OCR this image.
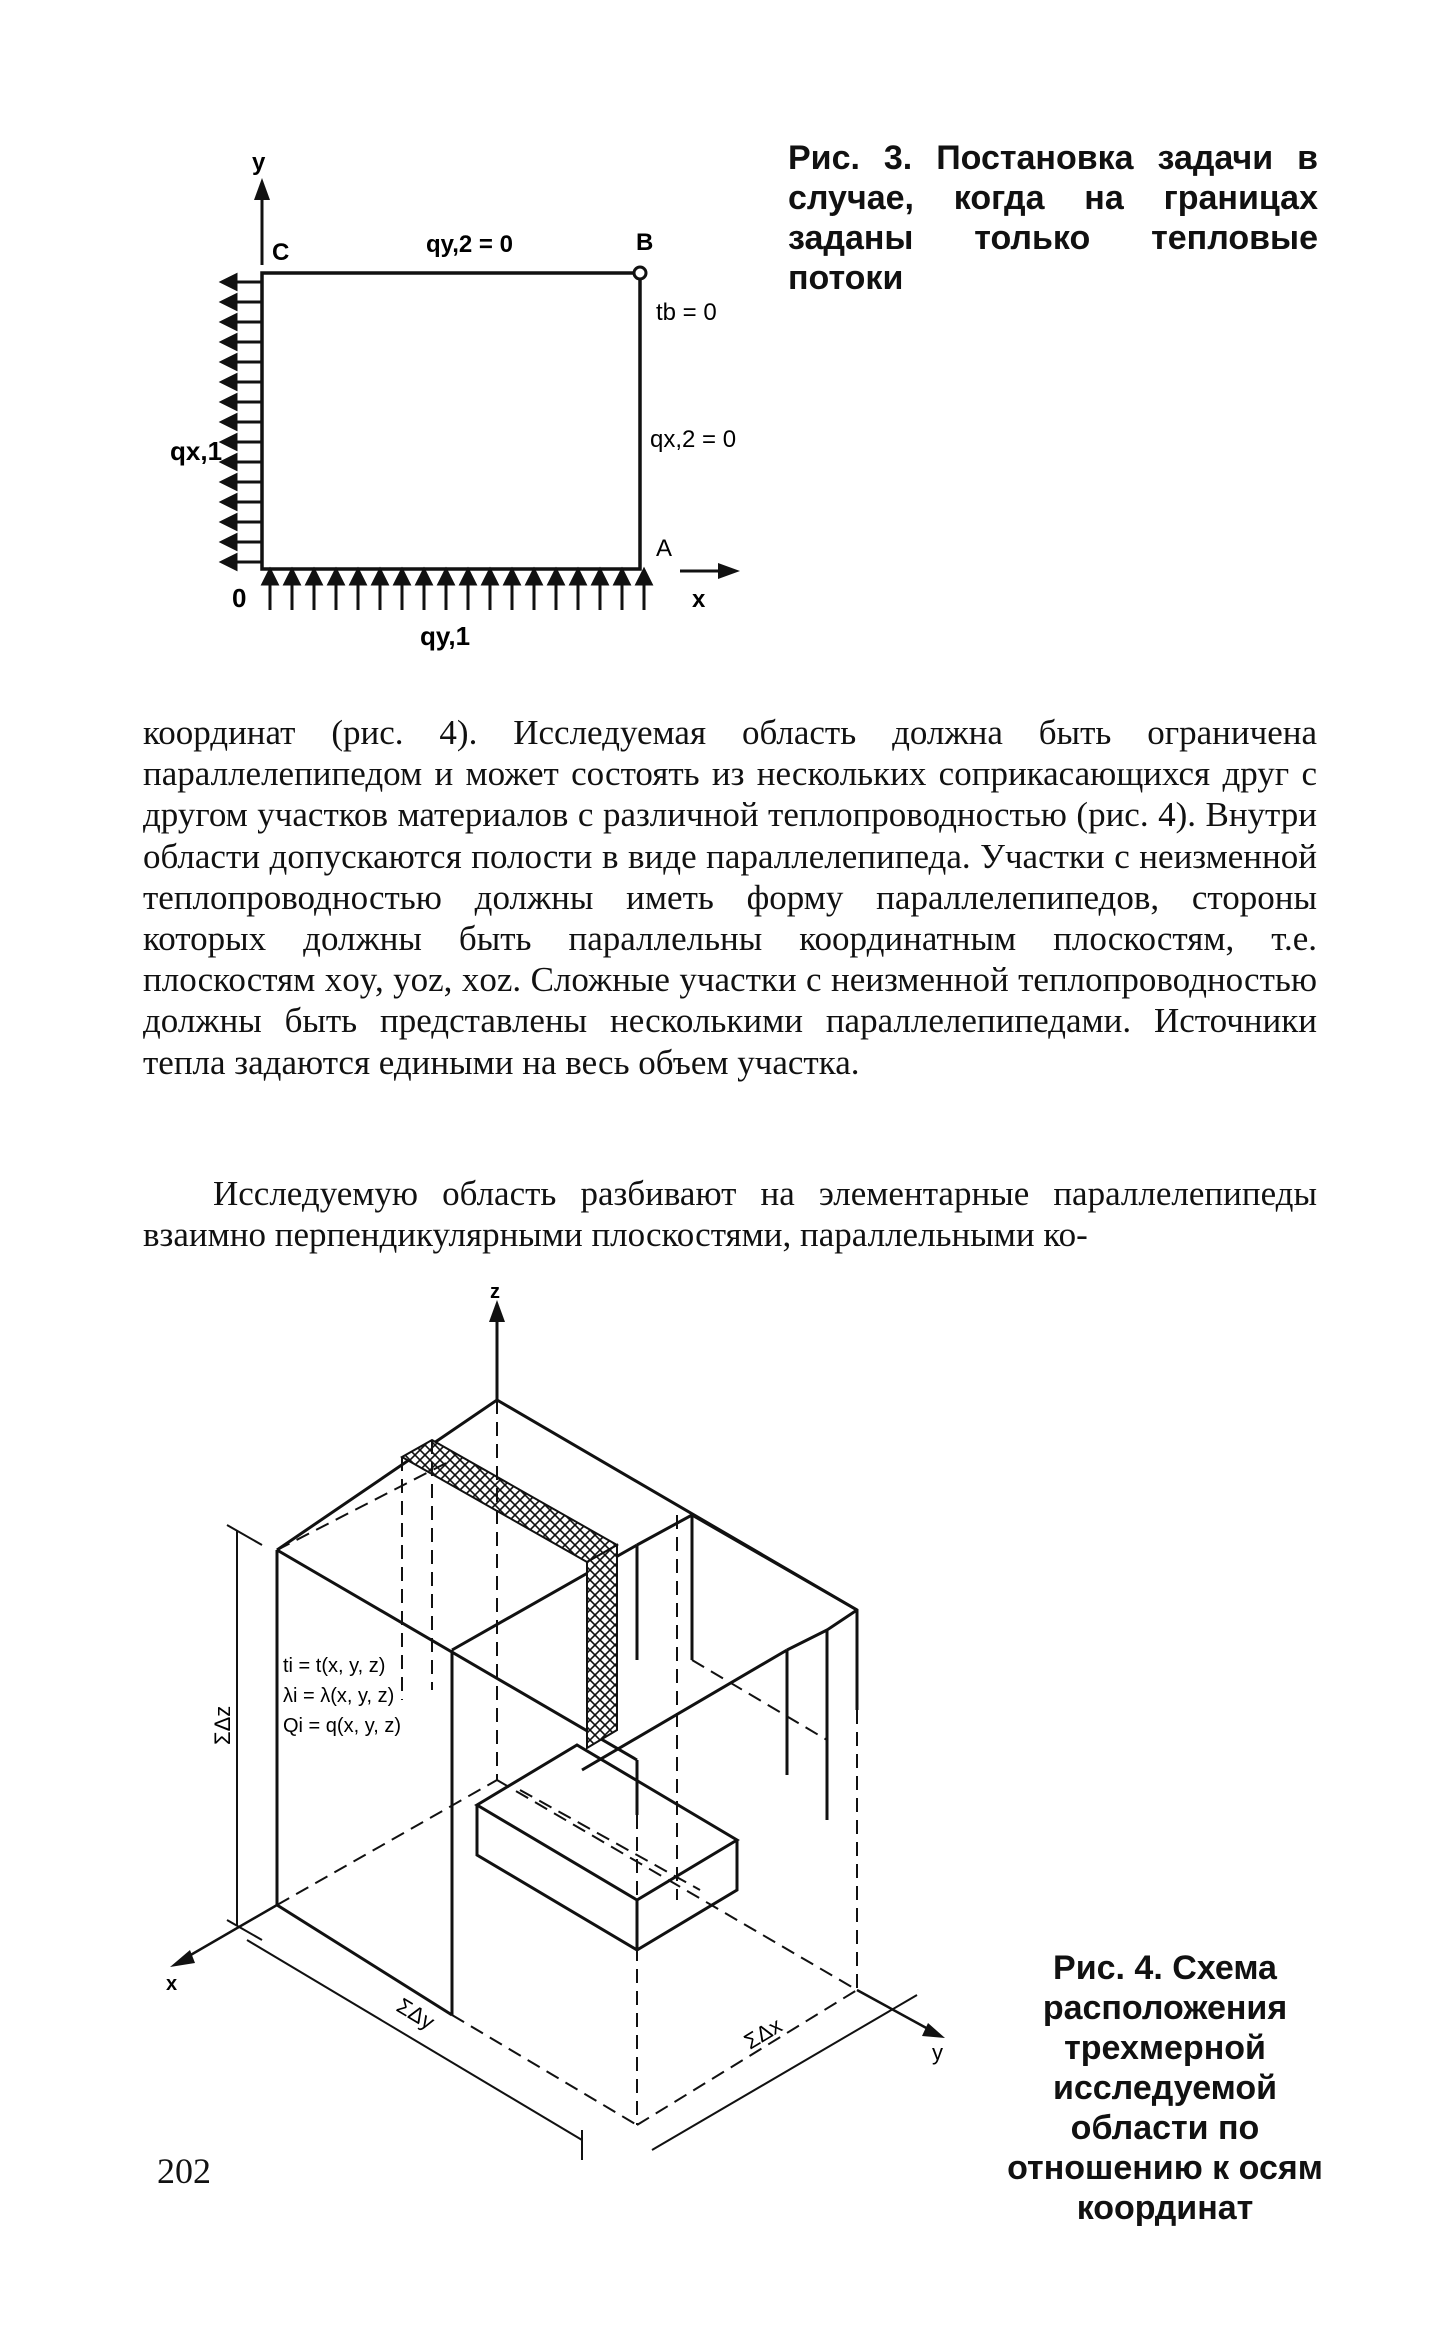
y
C	B
A
0	x
qy,2 = 0
tb = 0
qx,2 = 0
qx,1
qy,1
Рис. 3. Постановка задачи в случае, когда на границах заданы только тепловые потоки
координат (рис. 4). Исследуемая область должна быть ограничена параллелепипедом и может состоять из нескольких соприкасающихся друг с другом участков материалов с различной теплопроводностью (рис. 4). Внутри области допускаются полости в виде параллелепипеда. Участки с неизменной теплопроводностью должны иметь форму параллелепипедов, стороны которых должны быть параллельны координатным плоскостям, т.е. плоскостям xoy, yoz, xoz. Сложные участки с неизменной теплопроводностью должны быть представлены несколькими параллелепипедами. Источники тепла задаются едиными на весь объем участка.
Исследуемую область разбивают на элементарные параллелепипеды взаимно перпендикулярными плоскостями, параллельными ко-
z
x
y
ΣΔz
ΣΔy	ΣΔx
ti = t(x, y, z)
λi = λ(x, y, z)
Qi = q(x, y, z)
Рис. 4. Схема расположения трехмерной исследуемой области по отношению к осям координат
202
